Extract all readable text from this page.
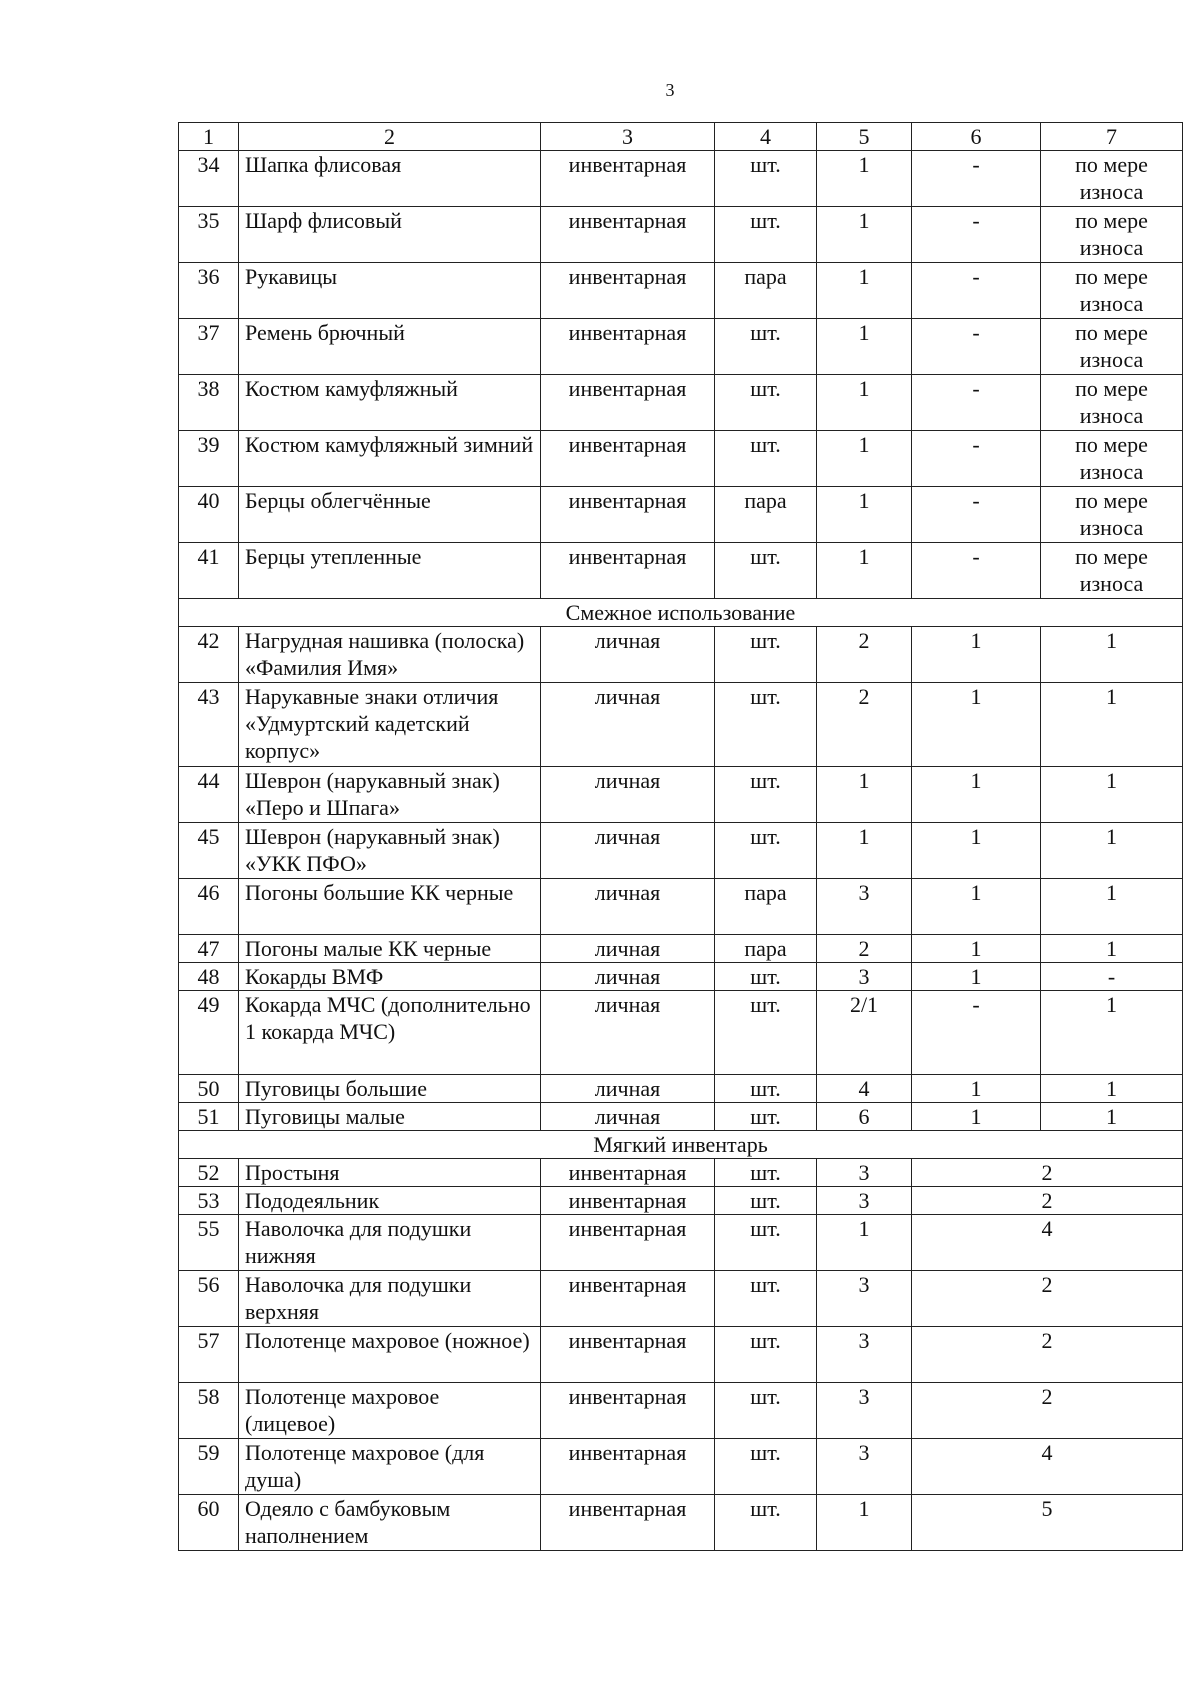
3
1	2	3	4	5	6	7
34	Шапка флисовая	инвентарная	шт.	1	-	по мере износа
35	Шарф флисовый	инвентарная	шт.	1	-	по мере износа
36	Рукавицы	инвентарная	пара	1	-	по мере износа
37	Ремень брючный	инвентарная	шт.	1	-	по мере износа
38	Костюм камуфляжный	инвентарная	шт.	1	-	по мере износа
39	Костюм камуфляжный зимний	инвентарная	шт.	1	-	по мере износа
40	Берцы облегчённые	инвентарная	пара	1	-	по мере износа
41	Берцы утепленные	инвентарная	шт.	1	-	по мере износа
Смежное использование						
42	Нагрудная нашивка (полоска) «Фамилия Имя»	личная	шт.	2	1	1
43	Нарукавные знаки отличия «Удмуртский кадетский корпус»	личная	шт.	2	1	1
44	Шеврон (нарукавный знак) «Перо и Шпага»	личная	шт.	1	1	1
45	Шеврон (нарукавный знак) «УКК ПФО»	личная	шт.	1	1	1
46	Погоны большие КК черные	личная	пара	3	1	1
47	Погоны малые КК черные	личная	пара	2	1	1
48	Кокарды ВМФ	личная	шт.	3	1	-
49	Кокарда МЧС (дополнительно 1 кокарда МЧС)	личная	шт.	2/1	-	1
50	Пуговицы большие	личная	шт.	4	1	1
51	Пуговицы малые	личная	шт.	6	1	1
Мягкий инвентарь						
52	Простыня	инвентарная	шт.	3	2	
53	Пододеяльник	инвентарная	шт.	3	2	
55	Наволочка для подушки нижняя	инвентарная	шт.	1	4	
56	Наволочка для подушки верхняя	инвентарная	шт.	3	2	
57	Полотенце махровое (ножное)	инвентарная	шт.	3	2	
58	Полотенце махровое (лицевое)	инвентарная	шт.	3	2	
59	Полотенце махровое (для душа)	инвентарная	шт.	3	4	
60	Одеяло с бамбуковым наполнением	инвентарная	шт.	1	5	
